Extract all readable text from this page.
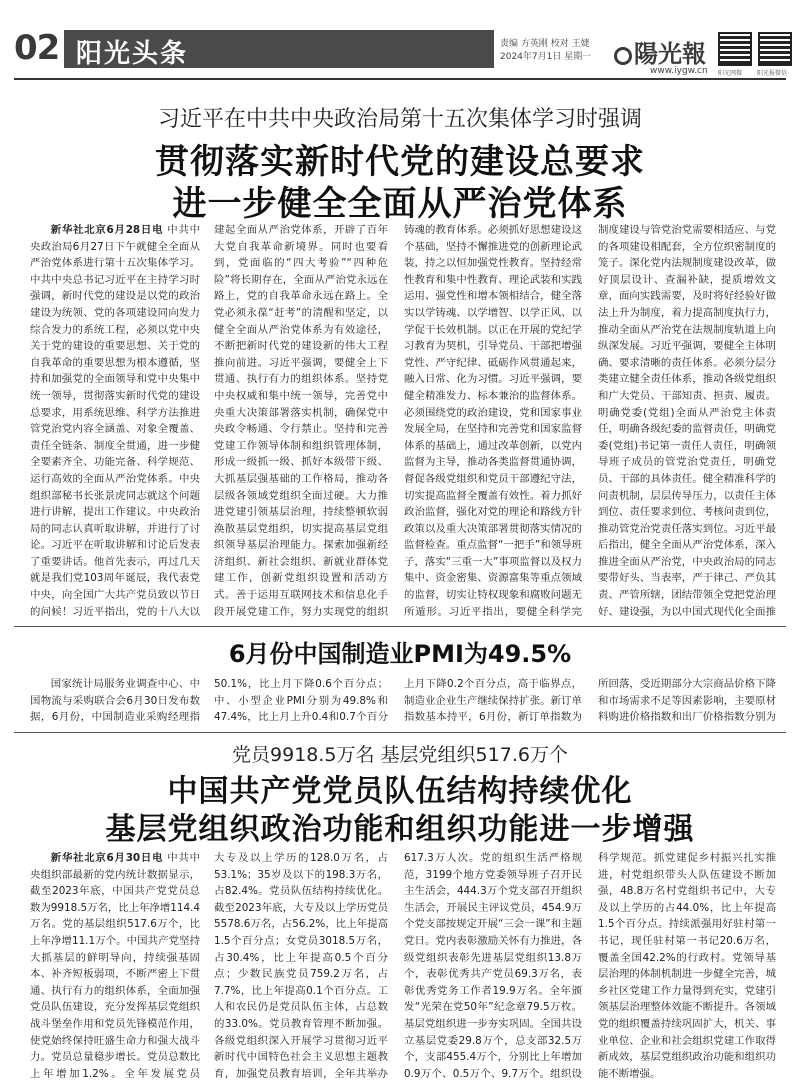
02 阳光头条	责编 方英刚 校对 王婕
2024年7月1日 星期一	陽光報
www.iygw.cn 阳光网微 阳光报微信
习近平在中共中央政治局第十五次集体学习时强调
贯彻落实新时代党的建设总要求
进一步健全全面从严治党体系

新华社北京6月28日电 中共中央政治局6月27日下午就健全全面从严治党体系进行第十五次集体学习。中共中央总书记习近平在主持学习时强调，新时代党的建设是以党的政治建设为统领、党的各项建设同向发力综合发力的系统工程，必须以党中央关于党的建设的重要思想、关于党的自我革命的重要思想为根本遵循，坚持和加强党的全面领导和党中央集中统一领导，贯彻落实新时代党的建设总要求，用系统思维、科学方法推进管党治党内容全涵盖、对象全覆盖、责任全链条、制度全贯通，进一步健全要素齐全、功能完备、科学规范、运行高效的全面从严治党体系。中央组织部秘书长张景虎同志就这个问题进行讲解，提出工作建议。中央政治局的同志认真听取讲解，并进行了讨论。习近平在听取讲解和讨论后发表了重要讲话。他首先表示，再过几天就是我们党103周年诞辰，我代表党中央，向全国广大共产党员致以节日的问候！习近平指出，党的十八大以

建起全面从严治党体系，开辟了百年大党自我革命新境界。同时也要看到，党面临的“四大考验”“四种危险”将长期存在，全面从严治党永远在路上，党的自我革命永远在路上。全党必须永葆“赶考”的清醒和坚定，以健全全面从严治党体系为有效途径，不断把新时代党的建设新的伟大工程推向前进。习近平强调，要健全上下贯通、执行有力的组织体系。坚持党中央权威和集中统一领导，完善党中央重大决策部署落实机制，确保党中央政令畅通、令行禁止。坚持和完善党建工作领导体制和组织管理体制，形成一级抓一级、抓好本级带下级、大抓基层强基础的工作格局，推动各层级各领域党组织全面过硬。大力推进党建引领基层治理，持续整顿软弱涣散基层党组织，切实提高基层党组织领导基层治理能力。探索加强新经济组织、新社会组织、新就业群体党建工作，创新党组织设置和活动方式。善于运用互联网技术和信息化手段开展党建工作，努力实现党的组织

铸魂的教育体系。必须抓好思想建设这个基础，坚持不懈推进党的创新理论武装，持之以恒加强党性教育。坚持经常性教育和集中性教育、理论武装和实践运用、强党性和增本领相结合，健全落实以学铸魂、以学增智、以学正风、以学促干长效机制。以正在开展的党纪学习教育为契机，引导党员、干部把增强党性、严守纪律、砥砺作风贯通起来，融入日常、化为习惯。习近平强调，要健全精准发力、标本兼治的监督体系。必须围绕党的政治建设，党和国家事业发展全局，在坚持和完善党和国家监督体系的基础上，通过改革创新，以党内监督为主导，推动各类监督贯通协调，督促各级党组织和党员干部遵纪守法，切实提高监督全覆盖有效性。着力抓好政治监督，强化对党的理论和路线方针政策以及重大决策部署贯彻落实情况的监督检查。重点监督“一把手”和领导班子，落实“三重一大”事项监督以及权力集中、资金密集、资源富集等重点领域的监督，切实让特权现象和腐败问题无所遁形。习近平指出，要健全科学完

制度建设与管党治党需要相适应、与党的各项建设相配套，全方位织密制度的笼子。深化党内法规制度建设改革，做好顶层设计、查漏补缺，提质增效文章，面向实践需要，及时将好经验好做法上升为制度，着力提高制度执行力，推动全面从严治党在法规制度轨道上向纵深发展。习近平强调，要健全主体明确、要求清晰的责任体系。必须分层分类建立健全责任体系，推动各级党组织和广大党员、干部知责、担责、履责。明确党委(党组)全面从严治党主体责任，明确各级纪委的监督责任，明确党委(党组)书记第一责任人责任，明确领导班子成员的管党治党责任，明确党员、干部的具体责任。健全精准科学的问责机制，层层传导压力，以责任主体到位、责任要求到位、考核问责到位，推动管党治党责任落实到位。习近平最后指出，健全全面从严治党体系，深入推进全面从严治党，中央政治局的同志要带好头、当表率，严于律己、严负其责、严管所辖，团结带领全党把党治理好、建设强，为以中国式现代化全面推

6月份中国制造业PMI为49.5%

国家统计局服务业调查中心、中国物流与采购联合会6月30日发布数据，6月份，中国制造业采购经理指

50.1%，比上月下降0.6个百分点；中、小型企业PMI分别为49.8%和47.4%，比上月上升0.4和0.7个百分

上月下降0.2个百分点，高于临界点，制造业企业生产继续保持扩张。新订单指数基本持平，6月份，新订单指数为

所回落，受近期部分大宗商品价格下降和市场需求不足等因素影响，主要原材料购进价格指数和出厂价格指数分别为

党员9918.5万名 基层党组织517.6万个
中国共产党党员队伍结构持续优化
基层党组织政治功能和组织功能进一步增强

新华社北京6月30日电 中共中央组织部最新的党内统计数据显示，截至2023年底，中国共产党党员总数为9918.5万名，比上年净增114.4万名。党的基层组织517.6万个，比上年净增11.1万个。中国共产党坚持大抓基层的鲜明导向，持续强基固本、补齐短板弱项，不断严密上下贯通、执行有力的组织体系，全面加强党员队伍建设，充分发挥基层党组织战斗堡垒作用和党员先锋模范作用，使党始终保持旺盛生命力和强大战斗力。党员总量稳步增长。党员总数比上年增加1.2%。全年发展党员

大专及以上学历的128.0万名，占53.1%；35岁及以下的198.3万名，占82.4%。党员队伍结构持续优化。截至2023年底，大专及以上学历党员5578.6万名，占56.2%，比上年提高1.5个百分点；女党员3018.5万名，占30.4%，比上年提高0.5个百分点；少数民族党员759.2万名，占7.7%，比上年提高0.1个百分点。工人和农民仍是党员队伍主体，占总数的33.0%。党员教育管理不断加强。各级党组织深入开展学习贯彻习近平新时代中国特色社会主义思想主题教育，加强党员教育培训，全年共举办

617.3万人次。党的组织生活严格规范，3199个地方党委领导班子召开民主生活会，444.3万个党支部召开组织生活会，开展民主评议党员，454.9万个党支部按规定开展“三会一课”和主题党日。党内表彰激励关怀有力推进，各级党组织表彰先进基层党组织13.8万个，表彰优秀共产党员69.3万名，表彰优秀党务工作者19.9万名。全年颁发“光荣在党50年”纪念章79.5万枚。基层党组织进一步夯实巩固。全国共设立基层党委29.8万个，总支部32.5万个，支部455.4万个，分别比上年增加0.9万个、0.5万个、9.7万个。组织设

科学规范。抓党建促乡村振兴扎实推进，村党组织带头人队伍建设不断加强，48.8万名村党组织书记中，大专及以上学历的占44.0%，比上年提高1.5个百分点。持续派强用好驻村第一书记，现任驻村第一书记20.6万名，覆盖全国42.2%的行政村。党领导基层治理的体制机制进一步健全完善，城乡社区党建工作力量得到充实，党建引领基层治理整体效能不断提升。各领域党的组织覆盖持续巩固扩大，机关、事业单位、企业和社会组织党建工作取得新成效，基层党组织政治功能和组织功能不断增强。
